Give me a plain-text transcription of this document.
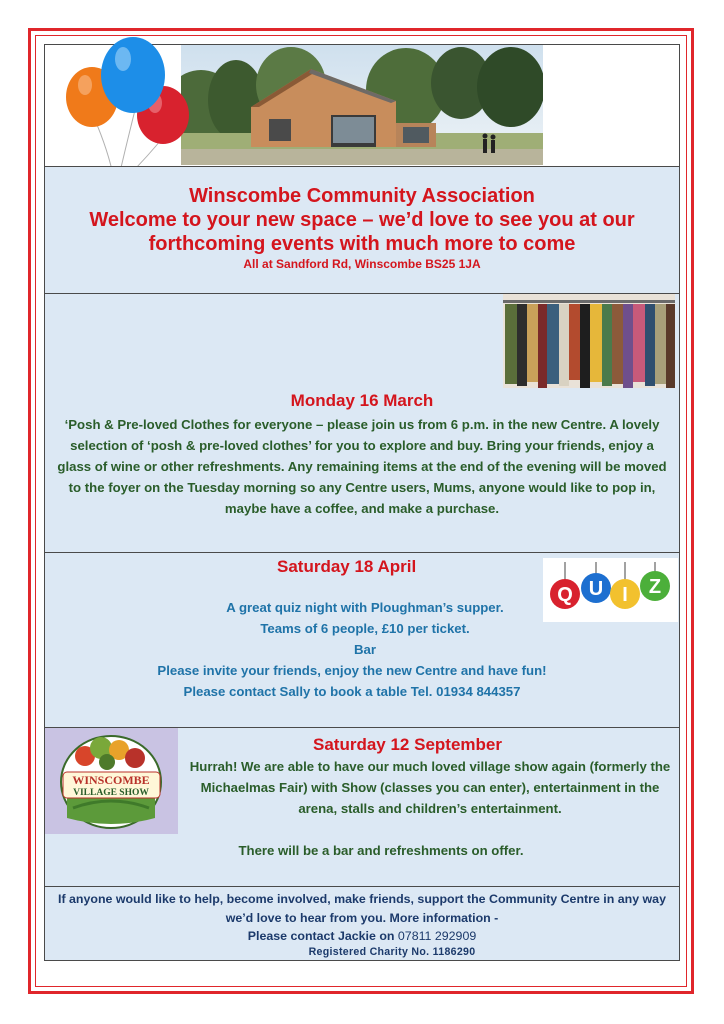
Winscombe Community Association
Welcome to your new space – we’d love to see you at our forthcoming events with much more to come
All at Sandford Rd, Winscombe BS25 1JA
Monday 16 March
‘Posh & Pre-loved Clothes for everyone – please join us from 6 p.m. in the new Centre. A lovely selection of ‘posh & pre-loved clothes’ for you to explore and buy. Bring your friends, enjoy a glass of wine or other refreshments. Any remaining items at the end of the evening will be moved to the foyer on the Tuesday morning so any Centre users, Mums, anyone would like to pop in, maybe have a coffee, and make a purchase.
Saturday 18 April
Q U I Z
A great quiz night with Ploughman’s supper.
Teams of 6 people, £10 per ticket.
Bar
Please invite your friends, enjoy the new Centre and have fun!
Please contact Sally to book a table Tel. 01934 844357
WINSCOMBE
VILLAGE SHOW
Saturday 12 September
Hurrah! We are able to have our much loved village show again (formerly the Michaelmas Fair) with Show (classes you can enter), entertainment in the arena, stalls and children’s entertainment.
There will be a bar and refreshments on offer.
If anyone would like to help, become involved, make friends, support the Community Centre in any way we’d love to hear from you. More information -
Please contact Jackie on 07811 292909
Registered Charity No. 1186290
